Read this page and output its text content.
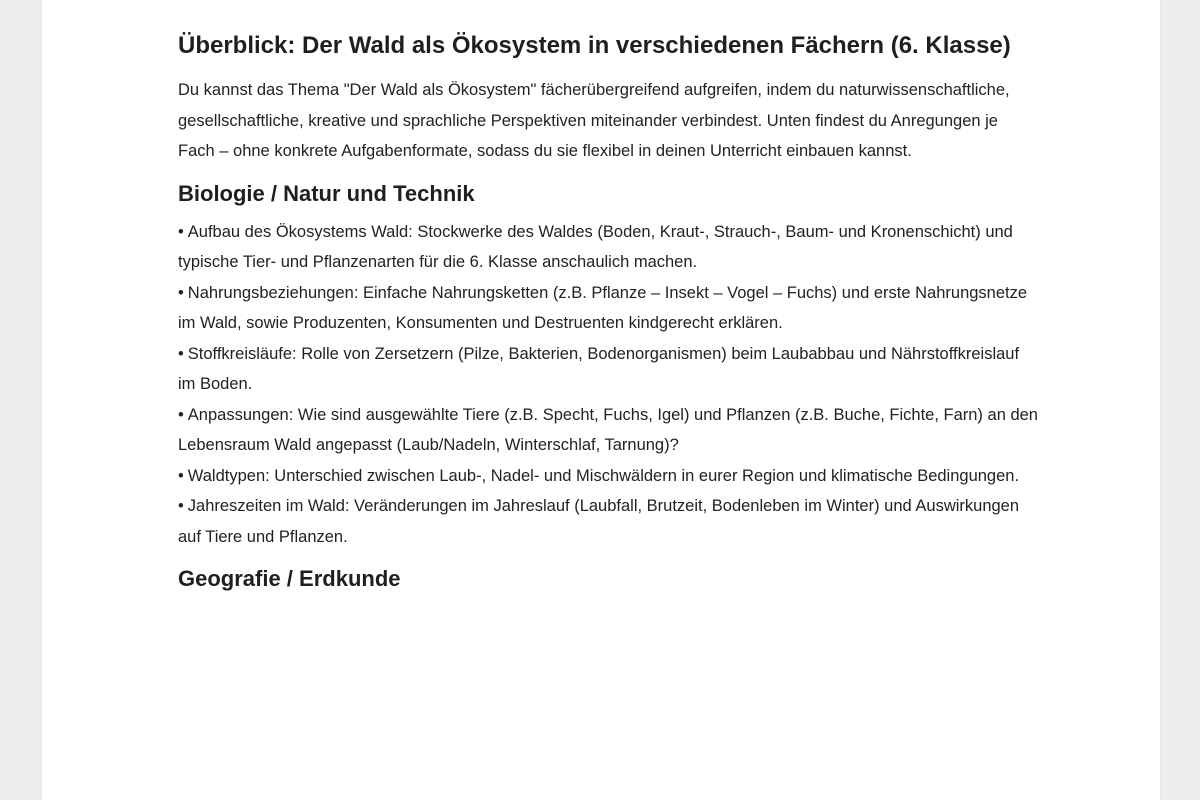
Überblick: Der Wald als Ökosystem in verschiedenen Fächern (6. Klasse)

Du kannst das Thema "Der Wald als Ökosystem" fächerübergreifend aufgreifen, indem du naturwissenschaftliche, gesellschaftliche, kreative und sprachliche Perspektiven miteinander verbindest. Unten findest du Anregungen je Fach – ohne konkrete Aufgabenformate, sodass du sie flexibel in deinen Unterricht einbauen kannst.

Biologie / Natur und Technik
• Aufbau des Ökosystems Wald: Stockwerke des Waldes (Boden, Kraut-, Strauch-, Baum- und Kronenschicht) und typische Tier- und Pflanzenarten für die 6. Klasse anschaulich machen.
• Nahrungsbeziehungen: Einfache Nahrungsketten (z.B. Pflanze – Insekt – Vogel – Fuchs) und erste Nahrungsnetze im Wald, sowie Produzenten, Konsumenten und Destruenten kindgerecht erklären.
• Stoffkreisläufe: Rolle von Zersetzern (Pilze, Bakterien, Bodenorganismen) beim Laubabbau und Nährstoffkreislauf im Boden.
• Anpassungen: Wie sind ausgewählte Tiere (z.B. Specht, Fuchs, Igel) und Pflanzen (z.B. Buche, Fichte, Farn) an den Lebensraum Wald angepasst (Laub/Nadeln, Winterschlaf, Tarnung)?
• Waldtypen: Unterschied zwischen Laub-, Nadel- und Mischwäldern in eurer Region und klimatische Bedingungen.
• Jahreszeiten im Wald: Veränderungen im Jahreslauf (Laubfall, Brutzeit, Bodenleben im Winter) und Auswirkungen auf Tiere und Pflanzen.
Geografie / Erdkunde
